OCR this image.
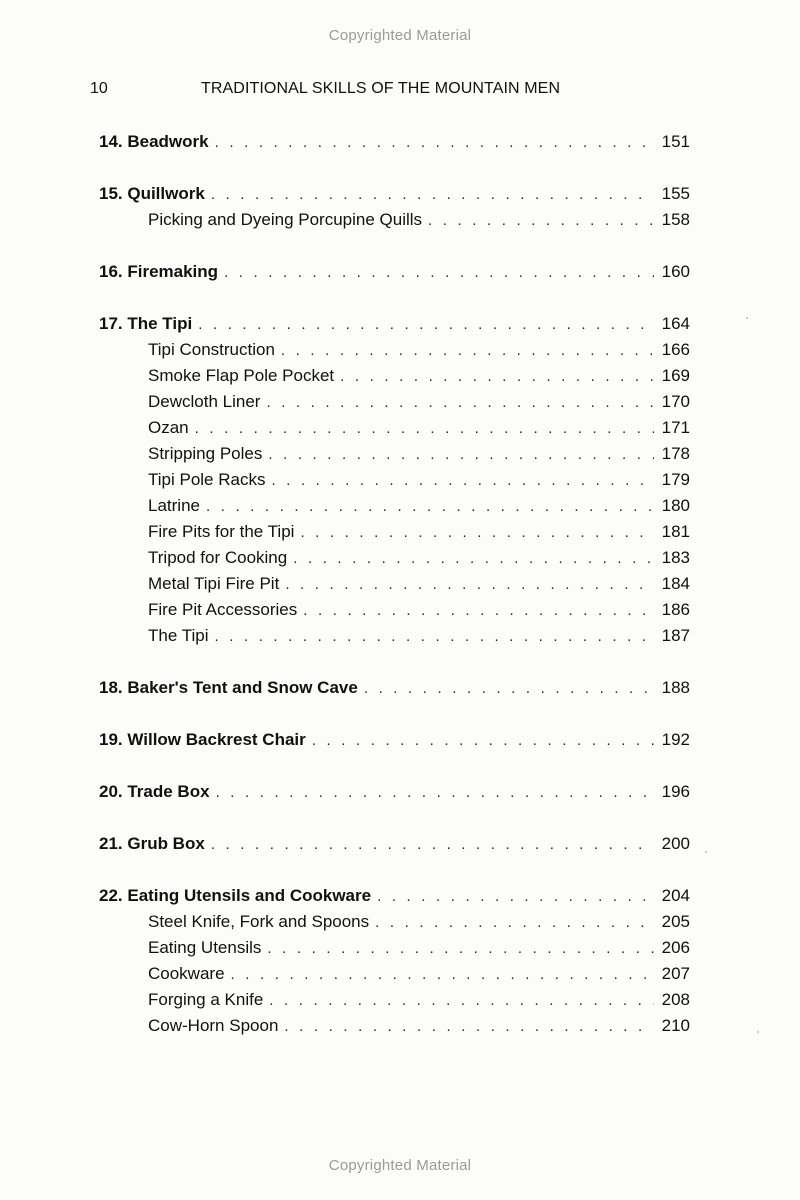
Copyrighted Material
10	TRADITIONAL SKILLS OF THE MOUNTAIN MEN
14. Beadwork . . .	151
15. Quillwork . . .	155
Picking and Dyeing Porcupine Quills . . .	158
16. Firemaking . . .	160
17. The Tipi . . .	164
Tipi Construction . . .	166
Smoke Flap Pole Pocket . . .	169
Dewcloth Liner . . .	170
Ozan . . .	171
Stripping Poles . . .	178
Tipi Pole Racks . . .	179
Latrine . . .	180
Fire Pits for the Tipi . . .	181
Tripod for Cooking . . .	183
Metal Tipi Fire Pit . . .	184
Fire Pit Accessories . . .	186
The Tipi . . .	187
18. Baker's Tent and Snow Cave . . .	188
19. Willow Backrest Chair . . .	192
20. Trade Box . . .	196
21. Grub Box . . .	200
22. Eating Utensils and Cookware . . .	204
Steel Knife, Fork and Spoons . . .	205
Eating Utensils . . .	206
Cookware . . .	207
Forging a Knife . . .	208
Cow-Horn Spoon . . .	210
Copyrighted Material
